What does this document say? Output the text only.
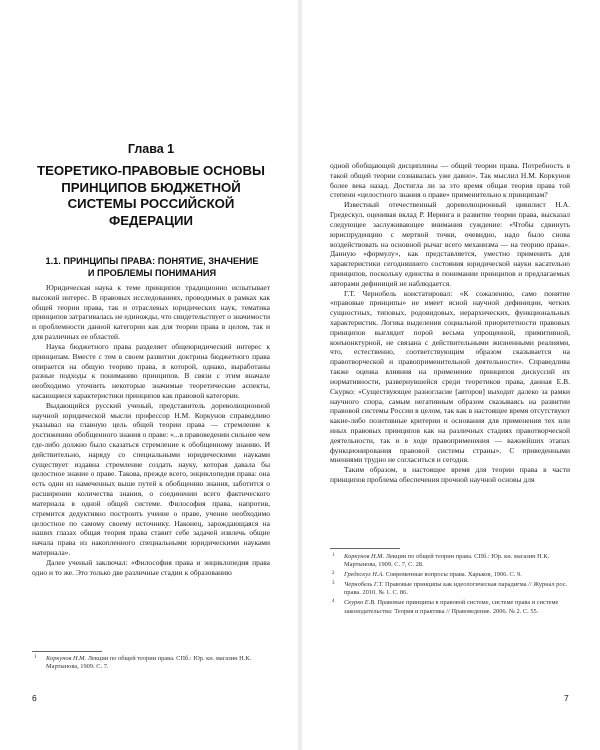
Глава 1
ТЕОРЕТИКО-ПРАВОВЫЕ ОСНОВЫ ПРИНЦИПОВ БЮДЖЕТНОЙ СИСТЕМЫ РОССИЙСКОЙ ФЕДЕРАЦИИ
1.1. ПРИНЦИПЫ ПРАВА: ПОНЯТИЕ, ЗНАЧЕНИЕ И ПРОБЛЕМЫ ПОНИМАНИЯ

Юридическая наука к теме принципов традиционно испытывает высокий интерес. В правовых исследованиях, проводимых в рамках как общей теории права, так и отраслевых юридических наук, тематика принципов затрагивалась не единожды, что свидетельствует о значимости и проблемности данной категории как для теории права в целом, так и для различных ее областей.

Наука бюджетного права разделяет общеюридический интерес к принципам. Вместе с тем в своем развитии доктрина бюджетного права опирается на общую теорию права, в которой, однако, выработаны разные подходы к пониманию принципов. В связи с этим вначале необходимо уточнить некоторые значимые теоретические аспекты, касающиеся характеристики принципов как правовой категории.

Выдающийся русский ученый, представитель дореволюционной научной юридической мысли профессор Н.М. Коркунов справедливо указывал на главную цель общей теории права — стремление к достижению обобщенного знания о праве: «...в правоведении сильнее чем где-либо должно было сказаться стремление к обобщенному знанию. И действительно, наряду со специальными юридическими науками существует издавна стремление создать науку, которая давала бы целостное знание о праве. Такова, прежде всего, энциклопедия права: она есть один из намеченных выше путей к обобщению знания, заботится о расширении количества знания, о соединении всего фактического материала в одной общей системе. Философия права, напротив, стремится дедуктивно построить учение о праве, учение необходимо целостное по самому своему источнику. Наконец, зарождающаяся на наших глазах общая теория права ставит себе задачей извлечь общие начала права из накопленного специальными юридическими науками материала».

Далее ученый заключал: «Философия права и энциклопедия права одно и то же. Это только две различные стадии к образованию

1 Коркунов Н.М. Лекции по общей теории права. СПб.: Юр. кн. магазин Н.К. Мартынова, 1909. С. 7.
6

одной обобщающей дисциплины — общей теории права. Потребность в такой общей теории сознавалась уже давно». Так мыслил Н.М. Коркунов более века назад. Достигла ли за это время общая теория права той степени «целостного знания о праве» применительно к принципам?

Известный отечественный дореволюционный цивилист Н.А. Гредескул, оценивая вклад Р. Иеринга в развитие теории права, высказал следующее заслуживающее внимания суждение: «Чтобы сдвинуть юриспруденцию с мертвой точки, очевидно, надо было снова воздействовать на основной рычаг всего механизма — на теорию права». Данную «формулу», как представляется, уместно применить для характеристики сегодняшнего состояния юридической науки касательно принципов, поскольку единства в понимании принципов и предлагаемых авторами дефиниций не наблюдается.

Г.Т. Чернобель констатировал: «К сожалению, само понятие «правовые принципы» не имеет ясной научной дефиниции, четких сущностных, типовых, родовидовых, иерархических, функциональных характеристик. Логика выделения социальной приоритетности правовых принципов выглядит порой весьма упрощенной, примитивной, конъюнктурной, не связана с действительными жизненными реалиями, что, естественно, соответствующим образом сказывается на правотворческой и правоприменительной деятельности». Справедлива также оценка влияния на применение принципов дискуссий их нормативности, развернувшейся среди теоретиков права, данная Е.В. Скурко: «Существующее разногласие [авторов] выходит далеко за рамки научного спора, самым негативным образом сказываясь на развитии правовой системы России в целом, так как в настоящее время отсутствуют какие-либо позитивные критерии и основания для применения тех или иных правовых принципов как на различных стадиях правотворческой деятельности, так и в ходе правоприменения — важнейших этапах функционирования правовой системы страны». С приведенными мнениями трудно не согласиться и сегодня.

Таким образом, в настоящее время для теории права в части принципов проблема обеспечения прочной научной основы для

1 Коркунов Н.М. Лекции по общей теории права. СПб.: Юр. кн. магазин Н.К. Мартынова, 1909. С. 7, С. 28.
2 Гредескул Н.А. Современные вопросы права. Харьков, 1906. С. 9.
3 Чернобель Г.Т. Правовые принципы как идеологическая парадигма // Журнал рос. права. 2010. № 1. С. 86.
4 Скурко Е.В. Правовые принципы в правовой системе, системе права и системе законодательства: Теория и практика // Правоведение. 2006. № 2. С. 55.
7
